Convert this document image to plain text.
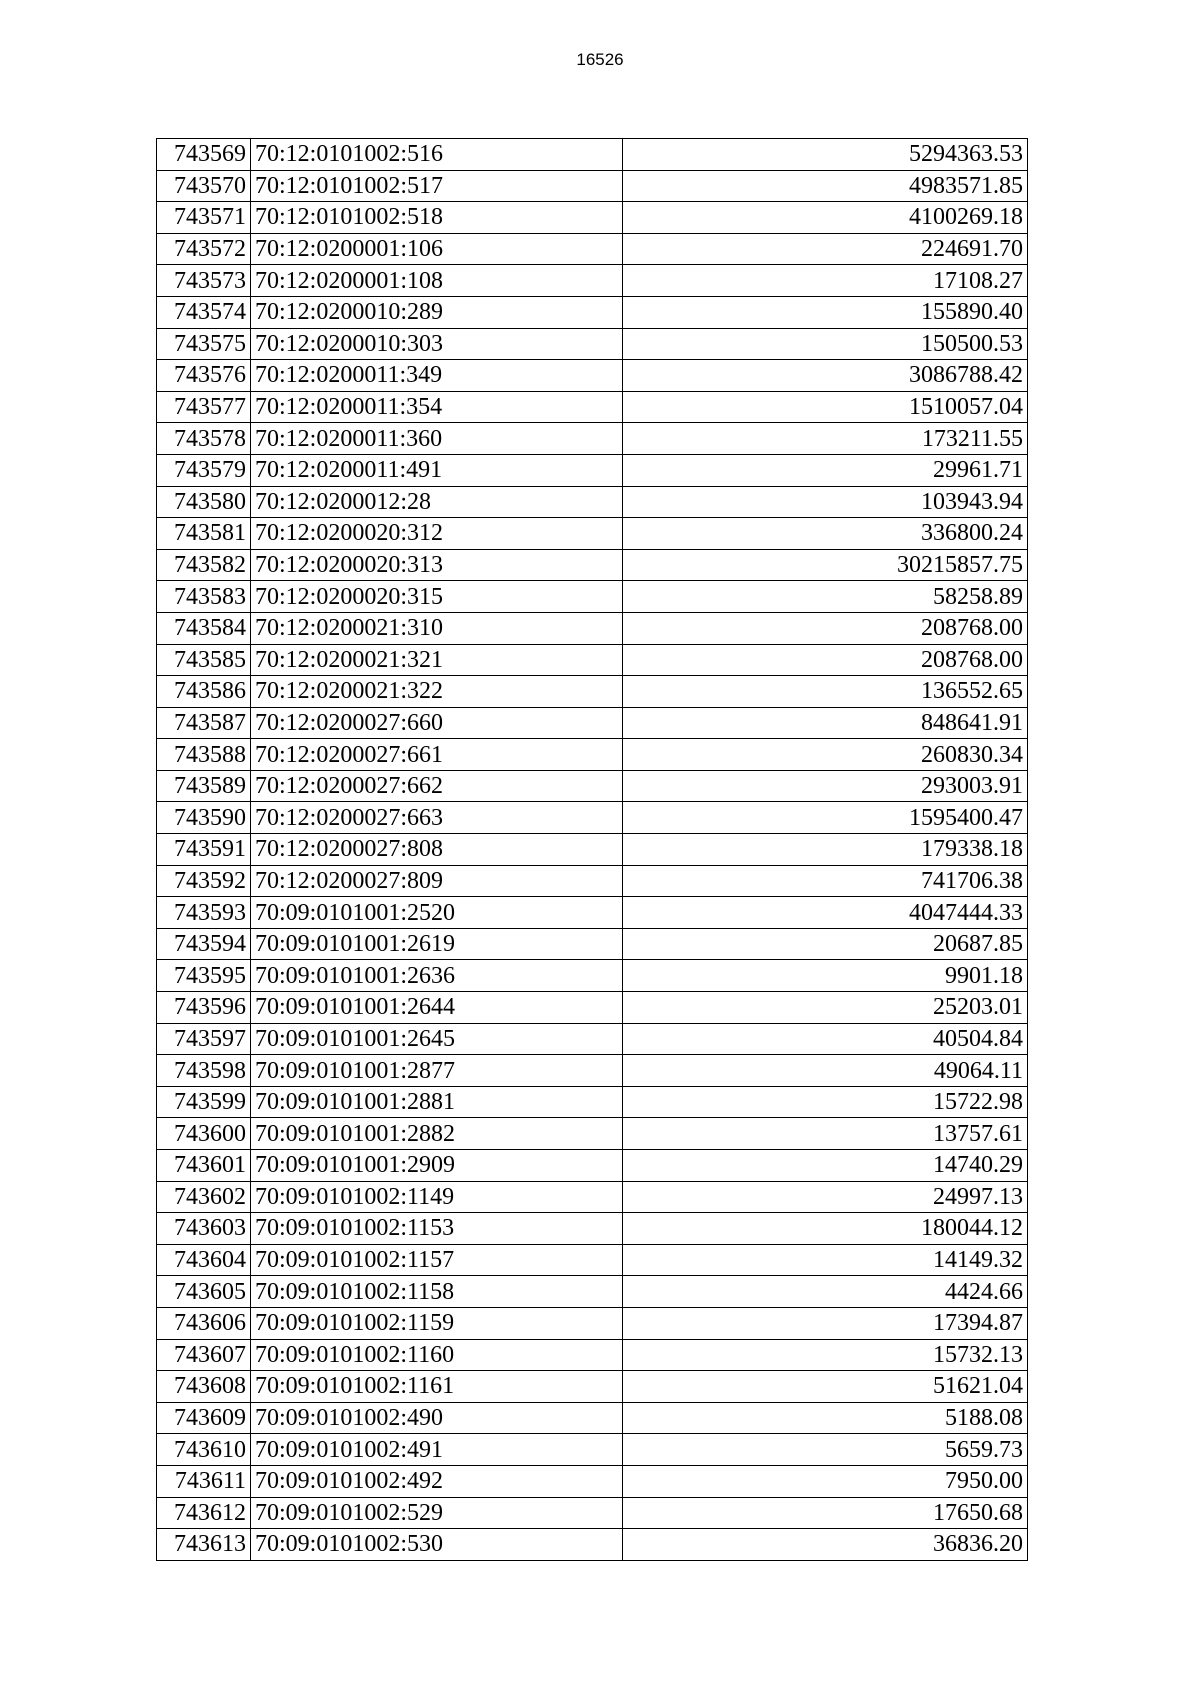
16526
743569	70:12:0101002:516	5294363.53
743570	70:12:0101002:517	4983571.85
743571	70:12:0101002:518	4100269.18
743572	70:12:0200001:106	224691.70
743573	70:12:0200001:108	17108.27
743574	70:12:0200010:289	155890.40
743575	70:12:0200010:303	150500.53
743576	70:12:0200011:349	3086788.42
743577	70:12:0200011:354	1510057.04
743578	70:12:0200011:360	173211.55
743579	70:12:0200011:491	29961.71
743580	70:12:0200012:28	103943.94
743581	70:12:0200020:312	336800.24
743582	70:12:0200020:313	30215857.75
743583	70:12:0200020:315	58258.89
743584	70:12:0200021:310	208768.00
743585	70:12:0200021:321	208768.00
743586	70:12:0200021:322	136552.65
743587	70:12:0200027:660	848641.91
743588	70:12:0200027:661	260830.34
743589	70:12:0200027:662	293003.91
743590	70:12:0200027:663	1595400.47
743591	70:12:0200027:808	179338.18
743592	70:12:0200027:809	741706.38
743593	70:09:0101001:2520	4047444.33
743594	70:09:0101001:2619	20687.85
743595	70:09:0101001:2636	9901.18
743596	70:09:0101001:2644	25203.01
743597	70:09:0101001:2645	40504.84
743598	70:09:0101001:2877	49064.11
743599	70:09:0101001:2881	15722.98
743600	70:09:0101001:2882	13757.61
743601	70:09:0101001:2909	14740.29
743602	70:09:0101002:1149	24997.13
743603	70:09:0101002:1153	180044.12
743604	70:09:0101002:1157	14149.32
743605	70:09:0101002:1158	4424.66
743606	70:09:0101002:1159	17394.87
743607	70:09:0101002:1160	15732.13
743608	70:09:0101002:1161	51621.04
743609	70:09:0101002:490	5188.08
743610	70:09:0101002:491	5659.73
743611	70:09:0101002:492	7950.00
743612	70:09:0101002:529	17650.68
743613	70:09:0101002:530	36836.20
